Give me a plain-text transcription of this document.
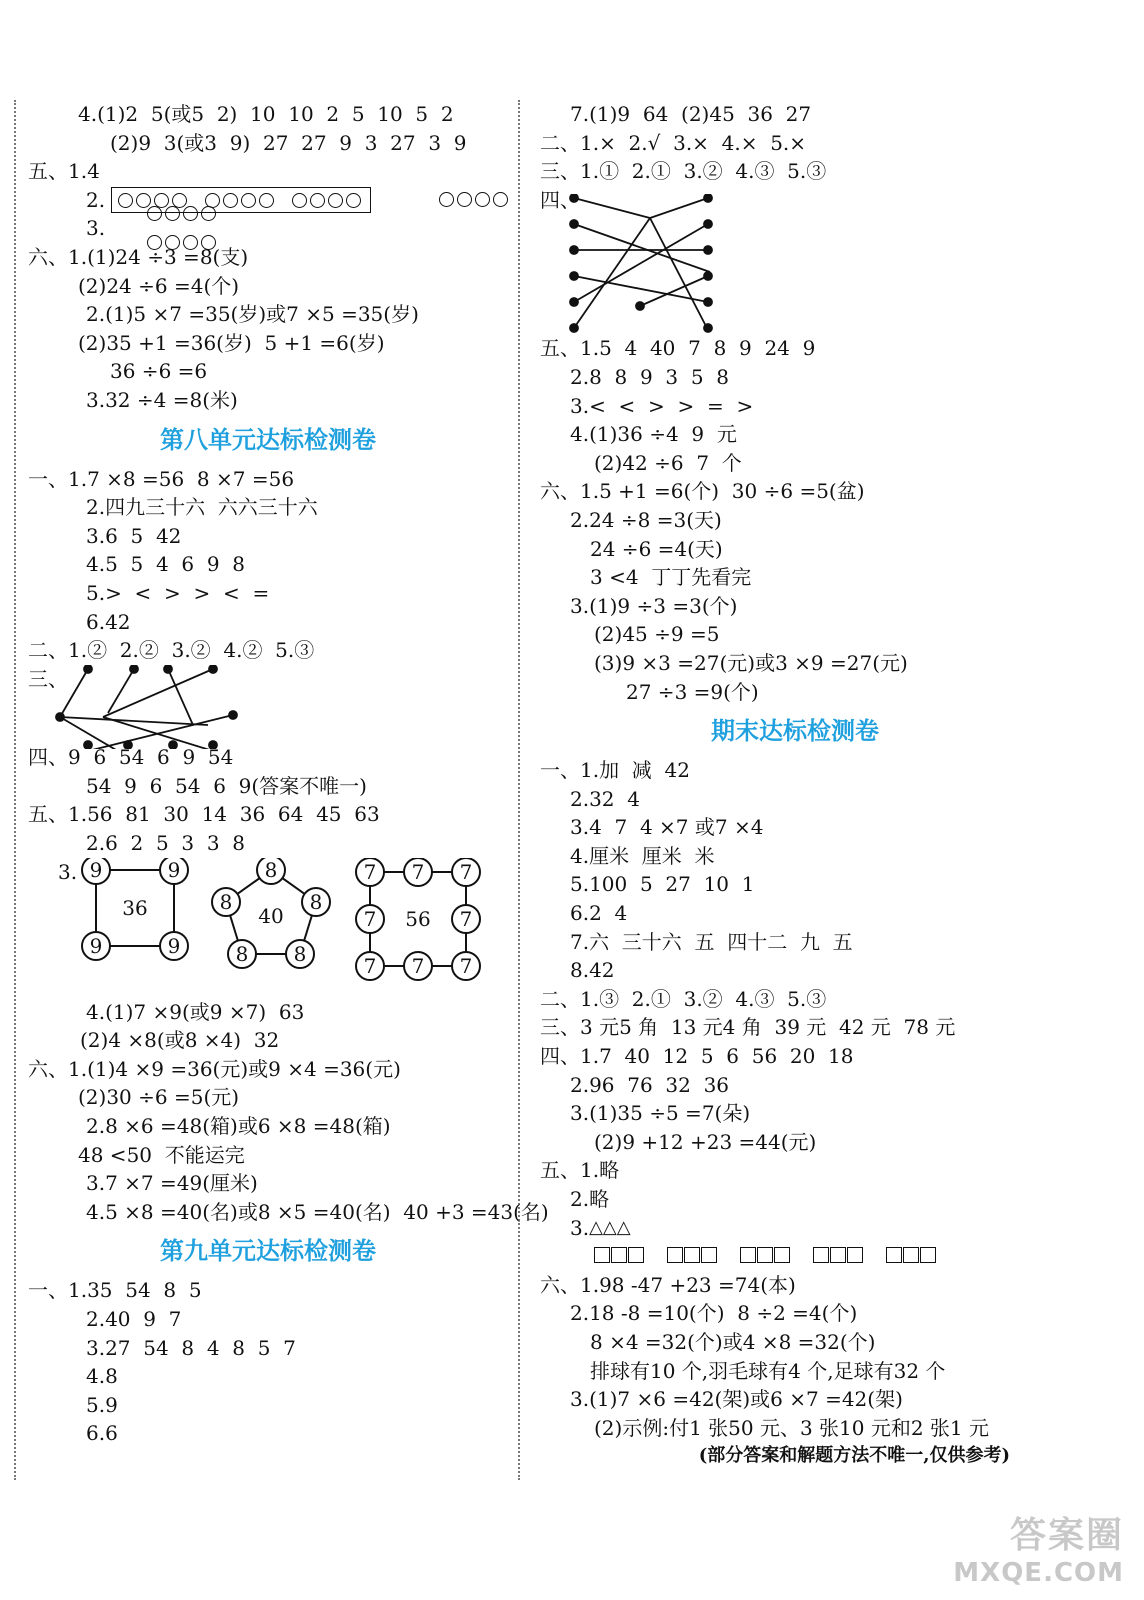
4.(1)2  5(或5  2)  10  10  2  5  10  5  2
(2)9  3(或3  9)  27  27  9  3  27  3  9
五、1.4
2.

3.

六、1.(1)24 ÷3 =8(支)
(2)24 ÷6 =4(个)
2.(1)5 ×7 =35(岁)或7 ×5 =35(岁)
(2)35 +1 =36(岁)  5 +1 =6(岁)
36 ÷6 =6
3.32 ÷4 =8(米)
第八单元达标检测卷
一、1.7 ×8 =56  8 ×7 =56
2.四九三十六  六六三十六
3.6  5  42
4.5  5  4  6  9  8
5.>  <  >  >  <  =
6.42
二、1.②  2.②  3.②  4.②  5.③
三、
四、9  6  54  6  9  54
54  9  6  54  6  9(答案不唯一)
五、1.56  81  30  14  36  64  45  63
2.6  2  5  3  3  8
3. 9	9
9	9
36
8
8
8
8
8
40
7 7 7
7	7
7 7 7
56
4.(1)7 ×9(或9 ×7)  63
(2)4 ×8(或8 ×4)  32
六、1.(1)4 ×9 =36(元)或9 ×4 =36(元)
(2)30 ÷6 =5(元)
2.8 ×6 =48(箱)或6 ×8 =48(箱)
48 <50  不能运完
3.7 ×7 =49(厘米)
4.5 ×8 =40(名)或8 ×5 =40(名)  40 +3 =43(名)
第九单元达标检测卷
一、1.35  54  8  5
2.40  9  7
3.27  54  8  4  8  5  7
4.8
5.9
6.6
7.(1)9  64  (2)45  36  27
二、1.×  2.√  3.×  4.×  5.×
三、1.①  2.①  3.②  4.③  5.③
四、
五、1.5  4  40  7  8  9  24  9
2.8  8  9  3  5  8
3.<  <  >  >  =  >
4.(1)36 ÷4  9  元
(2)42 ÷6  7  个
六、1.5 +1 =6(个)  30 ÷6 =5(盆)
2.24 ÷8 =3(天)
24 ÷6 =4(天)
3 <4  丁丁先看完
3.(1)9 ÷3 =3(个)
(2)45 ÷9 =5
(3)9 ×3 =27(元)或3 ×9 =27(元)
27 ÷3 =9(个)
期末达标检测卷
一、1.加  减  42
2.32  4
3.4  7  4 ×7 或7 ×4
4.厘米  厘米  米
5.100  5  27  10  1
6.2  4
7.六  三十六  五  四十二  九  五
8.42
二、1.③  2.①  3.②  4.③  5.③
三、3 元5 角  13 元4 角  39 元  42 元  78 元
四、1.7  40  12  5  6  56  20  18
2.96  76  32  36
3.(1)35 ÷5 =7(朵)
(2)9 +12 +23 =44(元)
五、1.略
2.略
3. △△△
六、1.98 -47 +23 =74(本)
2.18 -8 =10(个)  8 ÷2 =4(个)
8 ×4 =32(个)或4 ×8 =32(个)
排球有10 个,羽毛球有4 个,足球有32 个
3.(1)7 ×6 =42(架)或6 ×7 =42(架)
(2)示例:付1 张50 元、3 张10 元和2 张1 元
(部分答案和解题方法不唯一,仅供参考)
答案圈
MXQE.COM
